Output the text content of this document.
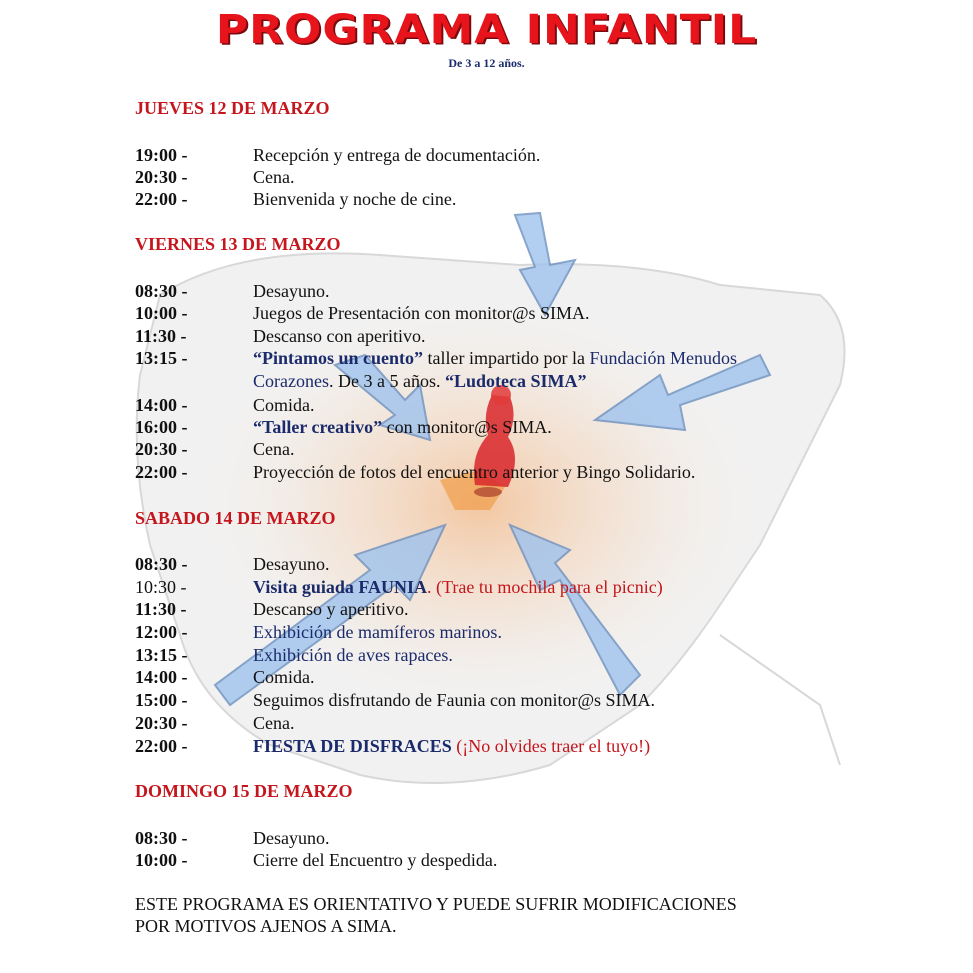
PROGRAMA INFANTIL
De 3 a 12 años.
JUEVES 12 DE MARZO
19:00 -	Recepción y entrega de documentación.
20:30 -	Cena.
22:00 -	Bienvenida y noche de cine.
VIERNES 13 DE MARZO
08:30 -	Desayuno.
10:00 -	Juegos de Presentación con monitor@s SIMA.
11:30 -	Descanso con aperitivo.
13:15 -	“Pintamos un cuento” taller impartido por la Fundación Menudos
Corazones. De 3 a 5 años. “Ludoteca SIMA”
14:00 -	Comida.
16:00 -	“Taller creativo” con monitor@s SIMA.
20:30 -	Cena.
22:00 -	Proyección de fotos del encuentro anterior y Bingo Solidario.
SABADO 14 DE MARZO
08:30 -	Desayuno.
10:30 -	Visita guiada FAUNIA. (Trae tu mochila para el picnic)
11:30 -	Descanso y aperitivo.
12:00 -	Exhibición de mamíferos marinos.
13:15 -	Exhibición de aves rapaces.
14:00 -	Comida.
15:00 -	Seguimos disfrutando de Faunia con monitor@s SIMA.
20:30 -	Cena.
22:00 -	FIESTA DE DISFRACES (¡No olvides traer el tuyo!)
DOMINGO 15 DE MARZO
08:30 -	Desayuno.
10:00 -	Cierre del Encuentro y despedida.
ESTE PROGRAMA ES ORIENTATIVO Y PUEDE SUFRIR MODIFICACIONES
POR MOTIVOS AJENOS A SIMA.
